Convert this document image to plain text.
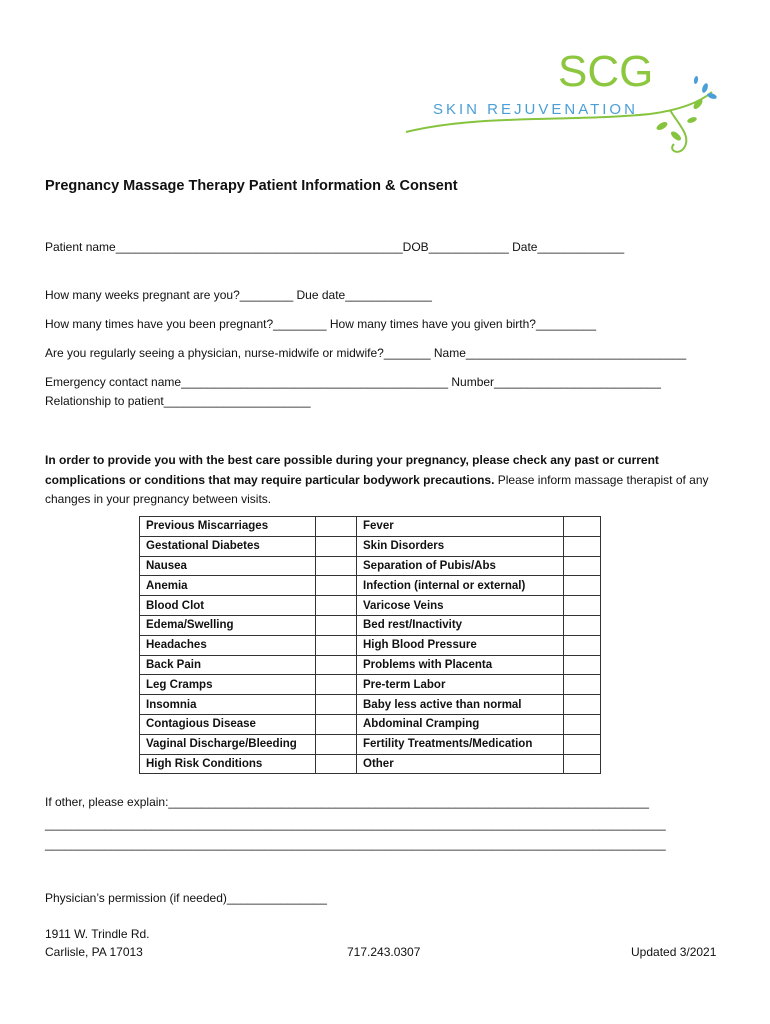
SCG
SKIN REJUVENATION
Pregnancy Massage Therapy Patient Information & Consent
Patient name___________________________________________DOB____________ Date_____________
How many weeks pregnant are you?________ Due date_____________
How many times have you been pregnant?________ How many times have you given birth?_________
Are you regularly seeing a physician, nurse-midwife or midwife?_______ Name_________________________________
Emergency contact name________________________________________ Number_________________________
Relationship to patient______________________
In order to provide you with the best care possible during your pregnancy, please check any past or current complications or conditions that may require particular bodywork precautions. Please inform massage therapist of any changes in your pregnancy between visits.
Previous Miscarriages		Fever	
Gestational Diabetes		Skin Disorders	
Nausea		Separation of Pubis/Abs	
Anemia		Infection (internal or external)	
Blood Clot		Varicose Veins	
Edema/Swelling		Bed rest/Inactivity	
Headaches		High Blood Pressure	
Back Pain		Problems with Placenta	
Leg Cramps		Pre-term Labor	
Insomnia		Baby less active than normal	
Contagious Disease		Abdominal Cramping	
Vaginal Discharge/Bleeding		Fertility Treatments/Medication	
High Risk Conditions		Other	
If other, please explain:________________________________________________________________________
_____________________________________________________________________________________________
_____________________________________________________________________________________________
Physician’s permission (if needed)_______________
1911 W. Trindle Rd.
Carlisle, PA 17013	717.243.0307	Updated 3/2021
